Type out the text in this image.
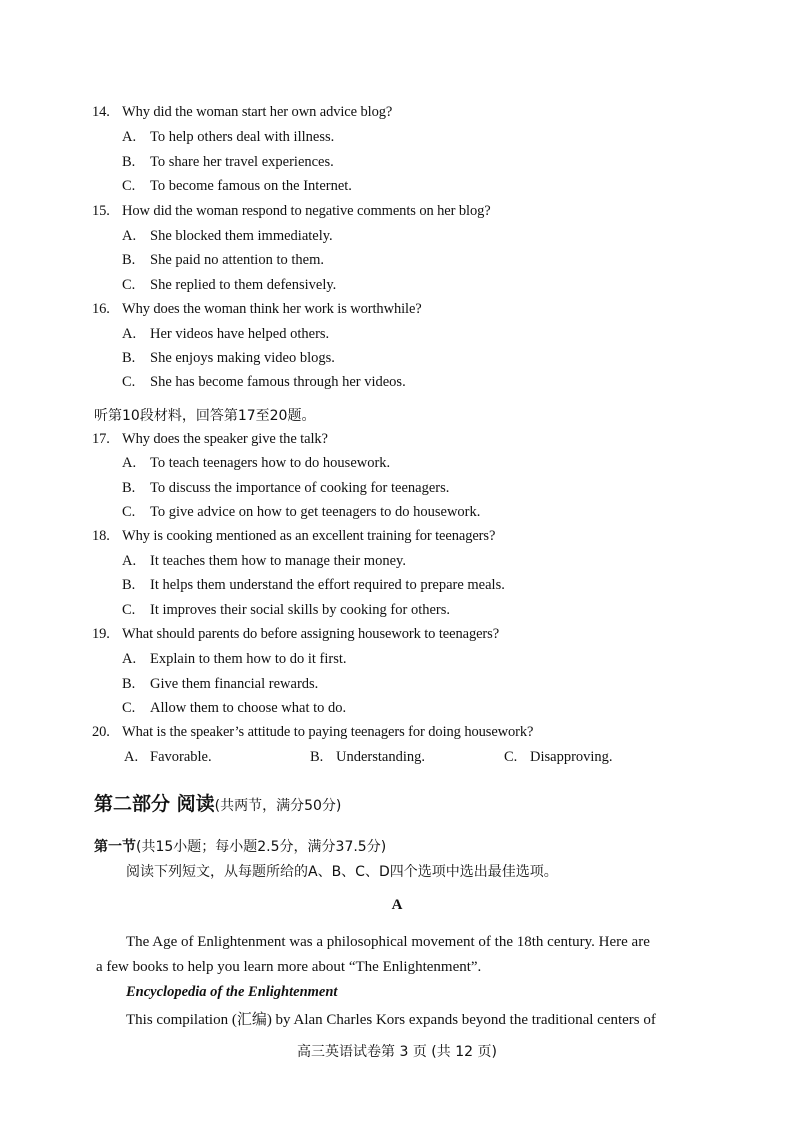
14. Why did the woman start her own advice blog?
A. To help others deal with illness.
B. To share her travel experiences.
C. To become famous on the Internet.
15. How did the woman respond to negative comments on her blog?
A. She blocked them immediately.
B. She paid no attention to them.
C. She replied to them defensively.
16. Why does the woman think her work is worthwhile?
A. Her videos have helped others.
B. She enjoys making video blogs.
C. She has become famous through her videos.
听第10段材料，回答第17至20题。
17. Why does the speaker give the talk?
A. To teach teenagers how to do housework.
B. To discuss the importance of cooking for teenagers.
C. To give advice on how to get teenagers to do housework.
18. Why is cooking mentioned as an excellent training for teenagers?
A. It teaches them how to manage their money.
B. It helps them understand the effort required to prepare meals.
C. It improves their social skills by cooking for others.
19. What should parents do before assigning housework to teenagers?
A. Explain to them how to do it first.
B. Give them financial rewards.
C. Allow them to choose what to do.
20. What is the speaker’s attitude to paying teenagers for doing housework?
A. Favorable.	B. Understanding.	C. Disapproving.
第二部分 阅读(共两节，满分50分)
第一节(共15小题；每小题2.5分，满分37.5分)
阅读下列短文，从每题所给的A、B、C、D四个选项中选出最佳选项。
A
The Age of Enlightenment was a philosophical movement of the 18th century. Here are
a few books to help you learn more about “The Enlightenment”.
Encyclopedia of the Enlightenment
This compilation (汇编) by Alan Charles Kors expands beyond the traditional centers of
高三英语试卷第 3 页 (共 12 页)
